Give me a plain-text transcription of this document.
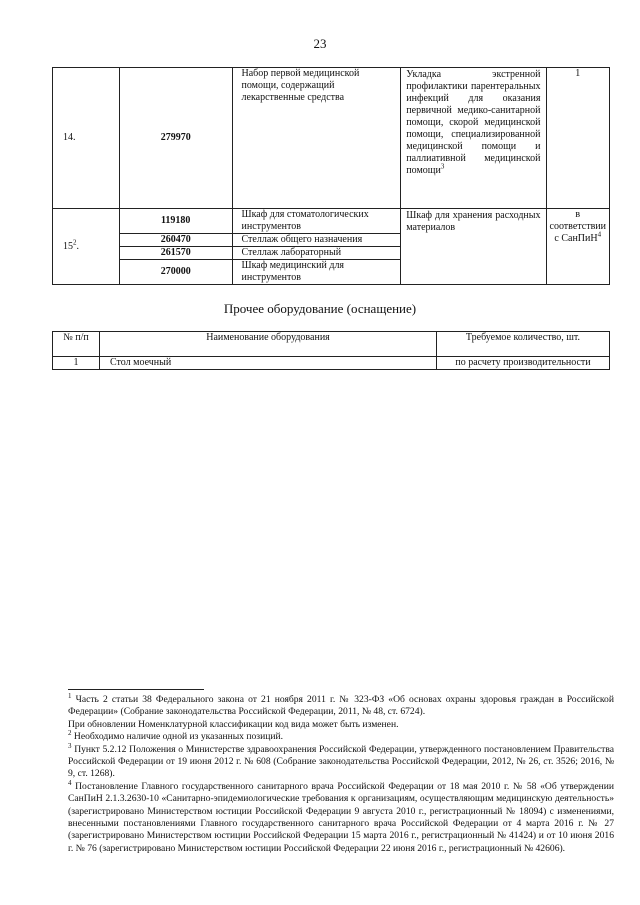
23
14.	279970	Набор первой медицинской помощи, содержащий лекарственные средства	Укладка экстренной профилактики парентеральных инфекций для оказания первичной медико-санитарной помощи, скорой медицинской помощи, специализированной медицинской помощи и паллиативной медицинской помощи$^3$	1
$15^2$.	119180	Шкаф для стоматологических инструментов	Шкаф для хранения расходных материалов	в соответствии с СанПиН$^4$
	260470	Стеллаж общего назначения		

	261570	Стеллаж лабораторный		

	270000	Шкаф медицинский для инструментов		
Прочее оборудование (оснащение)
№ п/п	Наименование оборудования	Требуемое количество, шт.
1	Стол моечный	по расчету производительности

$^1$ Часть 2 статьи 38 Федерального закона от 21 ноября 2011 г. № 323-ФЗ «Об основах охраны здоровья граждан в Российской Федерации» (Собрание законодательства Российской Федерации, 2011, № 48, ст. 6724).

При обновлении Номенклатурной классификации код вида может быть изменен.

$^2$ Необходимо наличие одной из указанных позиций.

$^3$ Пункт 5.2.12 Положения о Министерстве здравоохранения Российской Федерации, утвержденного постановлением Правительства Российской Федерации от 19 июня 2012 г. № 608 (Собрание законодательства Российской Федерации, 2012, № 26, ст. 3526; 2016, № 9, ст. 1268).

$^4$ Постановление Главного государственного санитарного врача Российской Федерации от 18 мая 2010 г. № 58 «Об утверждении СанПиН 2.1.3.2630-10 «Санитарно-эпидемиологические требования к организациям, осуществляющим медицинскую деятельность» (зарегистрировано Министерством юстиции Российской Федерации 9 августа 2010 г., регистрационный № 18094) с изменениями, внесенными постановлениями Главного государственного санитарного врача Российской Федерации от 4 марта 2016 г. № 27 (зарегистрировано Министерством юстиции Российской Федерации 15 марта 2016 г., регистрационный № 41424) и от 10 июня 2016 г. № 76 (зарегистрировано Министерством юстиции Российской Федерации 22 июня 2016 г., регистрационный № 42606).
